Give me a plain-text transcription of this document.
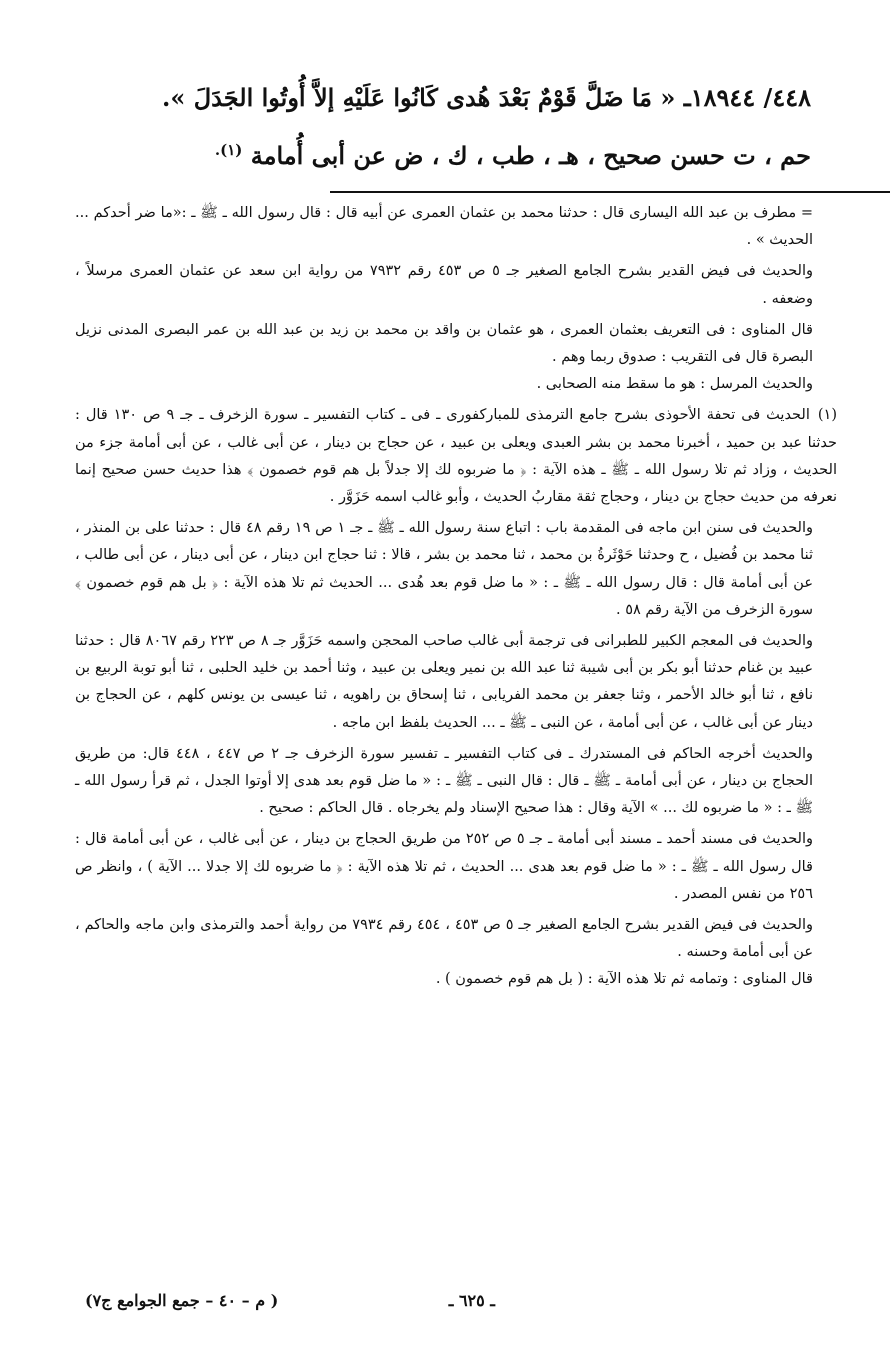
٤٤٨/ ١٨٩٤٤ـ « مَا ضَلَّ قَوْمٌ بَعْدَ هُدى كَانُوا عَلَيْهِ إلاَّ أُوتُوا الجَدَلَ ».
حم ، ت حسن صحيح ، هـ ، طب ، ك ، ض عن أبى أُمامة $^{(١).}$

= مطرف بن عبد الله اليسارى قال : حدثنا محمد بن عثمان العمرى عن أبيه قال : قال رسول الله ـ ﷺ ـ :«ما ضر أحدكم ... الحديث » .

والحديث فى فيض القدير بشرح الجامع الصغير جـ ٥ ص ٤٥٣ رقم ٧٩٣٢ من رواية ابن سعد عن عثمان العمرى مرسلاً ، وضعفه .

قال المناوى : فى التعريف بعثمان العمرى ، هو عثمان بن واقد بن محمد بن زيد بن عبد الله بن عمر البصرى المدنى نزيل البصرة قال فى التقريب : صدوق ربما وهم .

والحديث المرسل : هو ما سقط منه الصحابى .

(١)الحديث فى تحفة الأحوذى بشرح جامع الترمذى للمباركفورى ـ فى ـ كتاب التفسير ـ سورة الزخرف ـ جـ ٩ ص ١٣٠ قال : حدثنا عبد بن حميد ، أخبرنا محمد بن بشر العبدى ويعلى بن عبيد ، عن حجاج بن دينار ، عن أبى غالب ، عن أبى أمامة جزء من الحديث ، وزاد ثم تلا رسول الله ـ ﷺ ـ هذه الآية : ﴿ ما ضربوه لك إلا جدلاً بل هم قوم خصمون ﴾ هذا حديث حسن صحيح إنما نعرفه من حديث حجاج بن دينار ، وحجاج ثقة مقاربُ الحديث ، وأبو غالب اسمه حَزَوَّر .

والحديث فى سنن ابن ماجه فى المقدمة باب : اتباع سنة رسول الله ـ ﷺ ـ جـ ١ ص ١٩ رقم ٤٨ قال : حدثنا على بن المنذر ، ثنا محمد بن فُضيل ، ح وحدثنا حَوْثَرةُ بن محمد ، ثنا محمد بن بشر ، قالا : ثنا حجاج ابن دينار ، عن أبى دينار ، عن أبى طالب ، عن أبى أمامة قال : قال رسول الله ـ ﷺ ـ : « ما ضل قوم بعد هُدى ... الحديث ثم تلا هذه الآية : ﴿ بل هم قوم خصمون ﴾ سورة الزخرف من الآية رقم ٥٨ .

والحديث فى المعجم الكبير للطبرانى فى ترجمة أبى غالب صاحب المحجن واسمه حَزَوَّر جـ ٨ ص ٢٢٣ رقم ٨٠٦٧ قال : حدثنا عبيد بن غنام حدثنا أبو بكر بن أبى شيبة ثنا عبد الله بن نمير ويعلى بن عبيد ، وثنا أحمد بن خليد الحلبى ، ثنا أبو توبة الربيع بن نافع ، ثنا أبو خالد الأحمر ، وثنا جعفر بن محمد الفريابى ، ثنا إسحاق بن راهويه ، ثنا عيسى بن يونس كلهم ، عن الحجاج بن دينار عن أبى غالب ، عن أبى أمامة ، عن النبى ـ ﷺ ـ ... الحديث بلفظ ابن ماجه .

والحديث أخرجه الحاكم فى المستدرك ـ فى كتاب التفسير ـ تفسير سورة الزخرف جـ ٢ ص ٤٤٧ ، ٤٤٨ قال: من طريق الحجاج بن دينار ، عن أبى أمامة ـ ﷺ ـ قال : قال النبى ـ ﷺ ـ : « ما ضل قوم بعد هدى إلا أوتوا الجدل ، ثم قرأ رسول الله ـ ﷺ ـ : « ما ضربوه لك ... » الآية وقال : هذا صحيح الإسناد ولم يخرجاه . قال الحاكم : صحيح .

والحديث فى مسند أحمد ـ مسند أبى أمامة ـ جـ ٥ ص ٢٥٢ من طريق الحجاج بن دينار ، عن أبى غالب ، عن أبى أمامة قال : قال رسول الله ـ ﷺ ـ : « ما ضل قوم بعد هدى ... الحديث ، ثم تلا هذه الآية : ﴿ ما ضربوه لك إلا جدلا ... الآية ) ، وانظر ص ٢٥٦ من نفس المصدر .

والحديث فى فيض القدير بشرح الجامع الصغير جـ ٥ ص ٤٥٣ ، ٤٥٤ رقم ٧٩٣٤ من رواية أحمد والترمذى وابن ماجه والحاكم ، عن أبى أمامة وحسنه .

قال المناوى : وتمامه ثم تلا هذه الآية : ( بل هم قوم خصمون ) .

ـ ٦٢٥ ـ
( م – ٤٠ – جمع الجوامع ج٧)
